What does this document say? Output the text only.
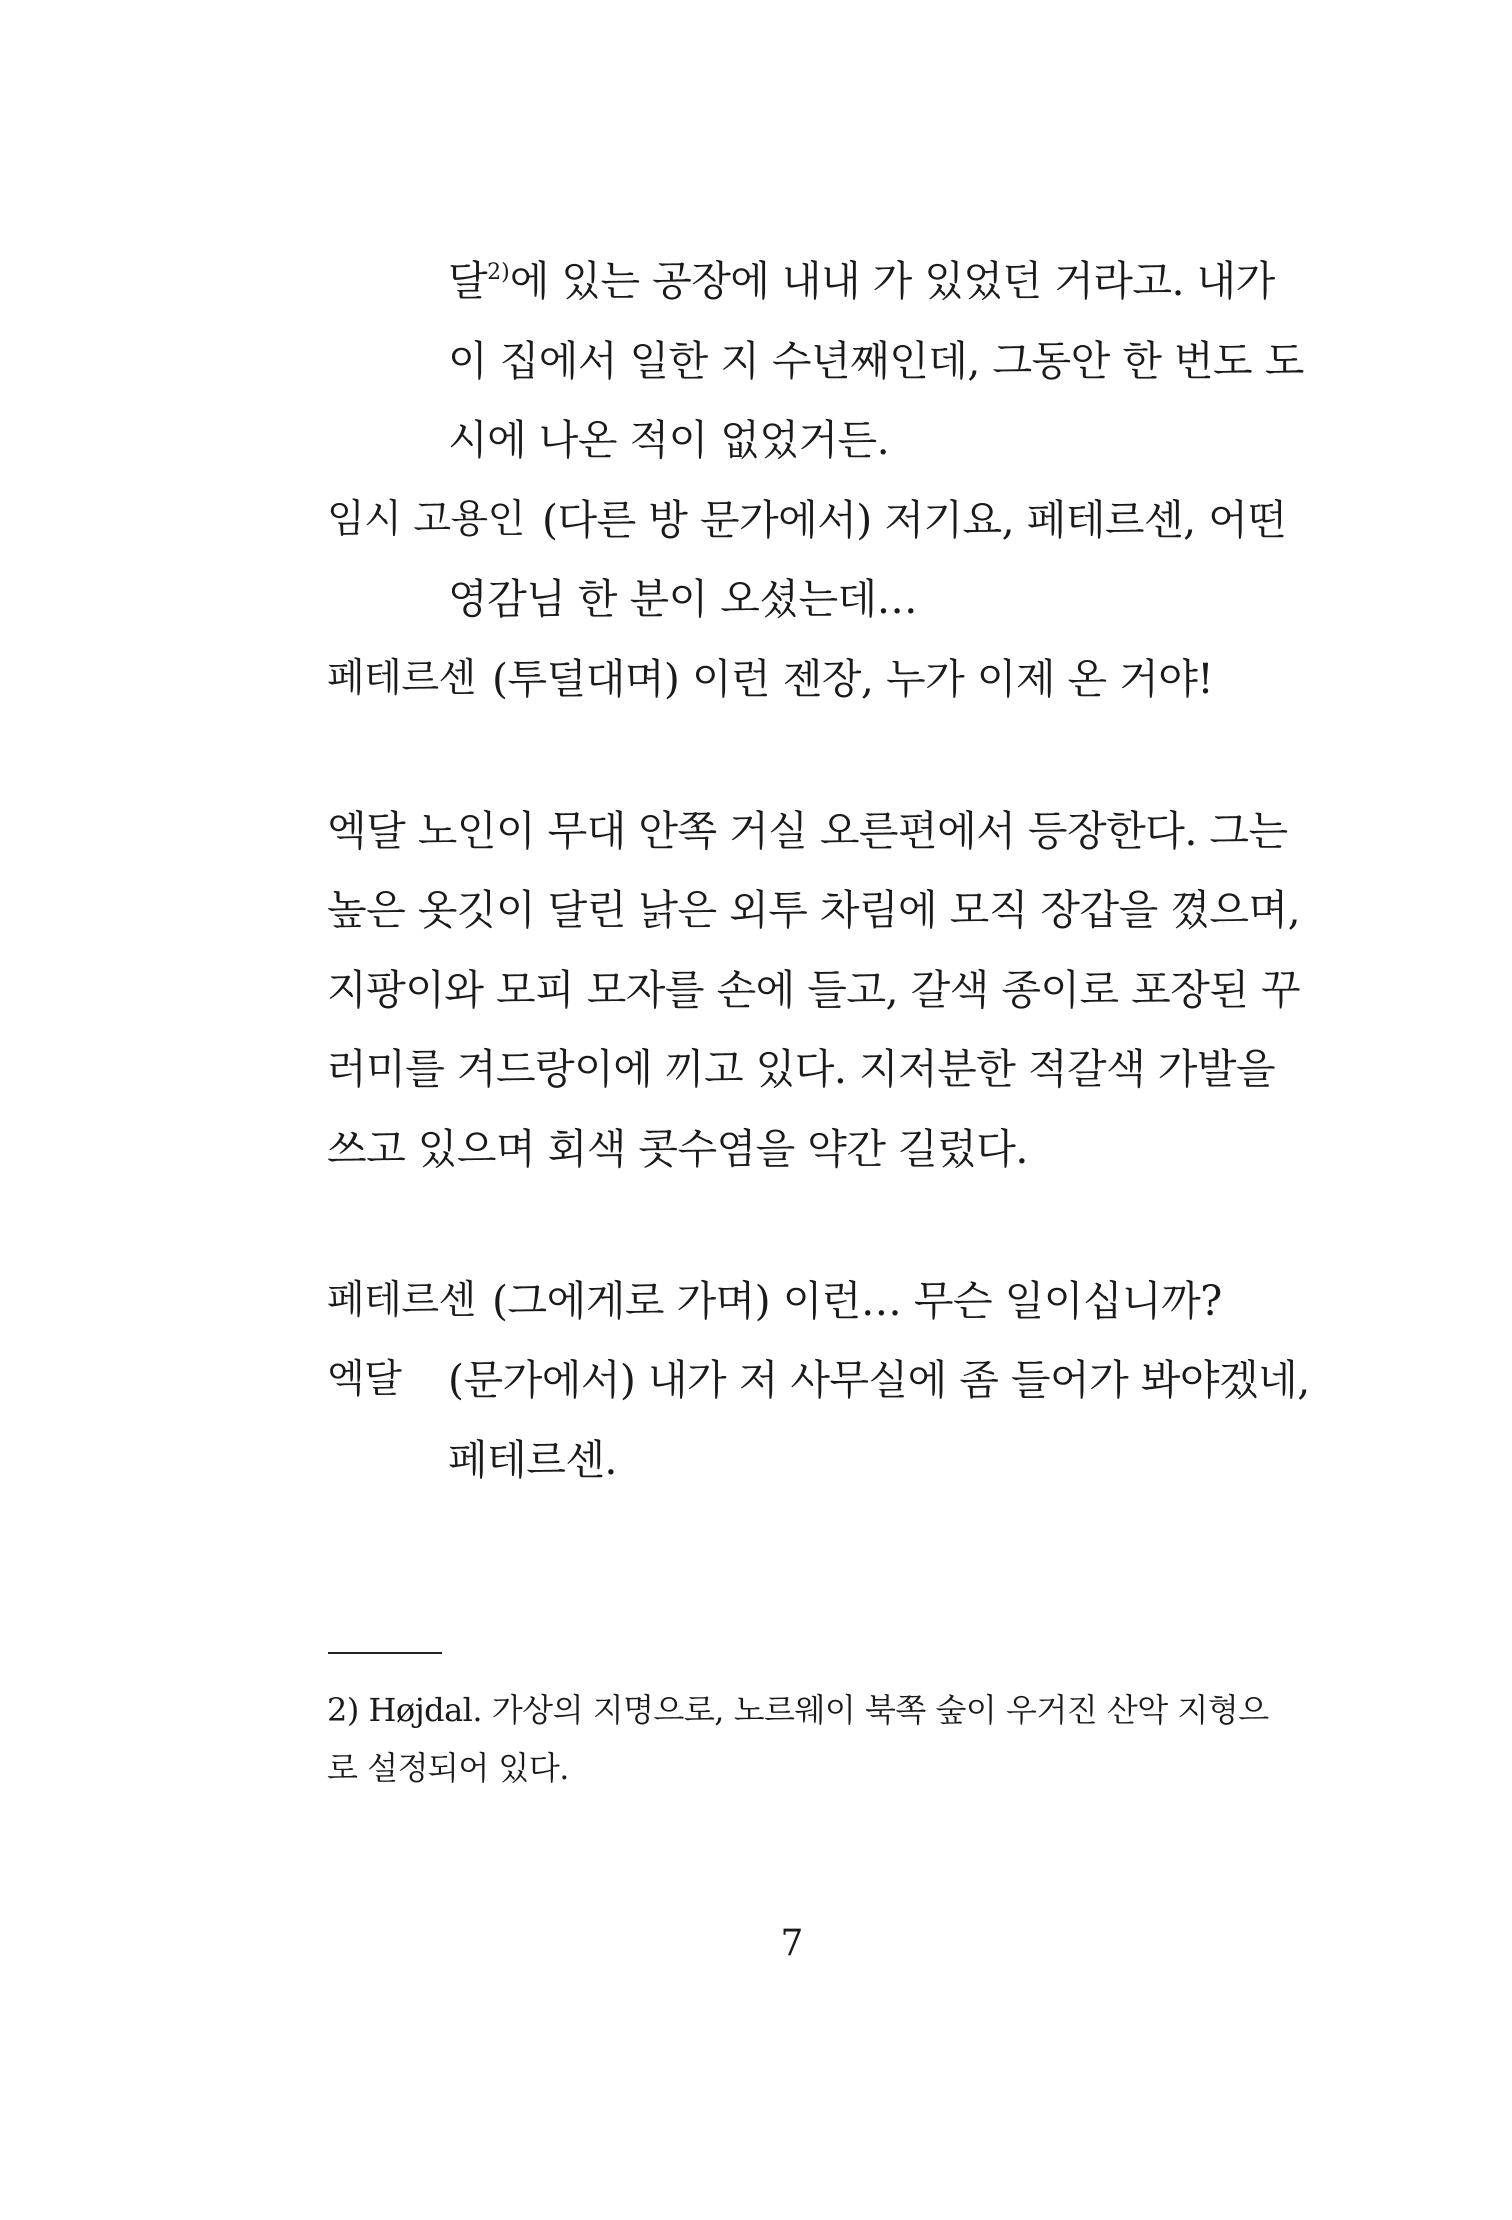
달$^{2)}$에 있는 공장에 내내 가 있었던 거라고. 내가
이 집에서 일한 지 수년째인데, 그동안 한 번도 도
시에 나온 적이 없었거든.
임시 고용인 (다른 방 문가에서) 저기요, 페테르센, 어떤
영감님 한 분이 오셨는데…
페테르센 (투덜대며) 이런 젠장, 누가 이제 온 거야!
엑달 노인이 무대 안쪽 거실 오른편에서 등장한다. 그는
높은 옷깃이 달린 낡은 외투 차림에 모직 장갑을 꼈으며,
지팡이와 모피 모자를 손에 들고, 갈색 종이로 포장된 꾸
러미를 겨드랑이에 끼고 있다. 지저분한 적갈색 가발을
쓰고 있으며 회색 콧수염을 약간 길렀다.
페테르센 (그에게로 가며) 이런… 무슨 일이십니까?
엑달 (문가에서) 내가 저 사무실에 좀 들어가 봐야겠네,
페테르센.
2) Højdal. 가상의 지명으로, 노르웨이 북쪽 숲이 우거진 산악 지형으
로 설정되어 있다.
7
